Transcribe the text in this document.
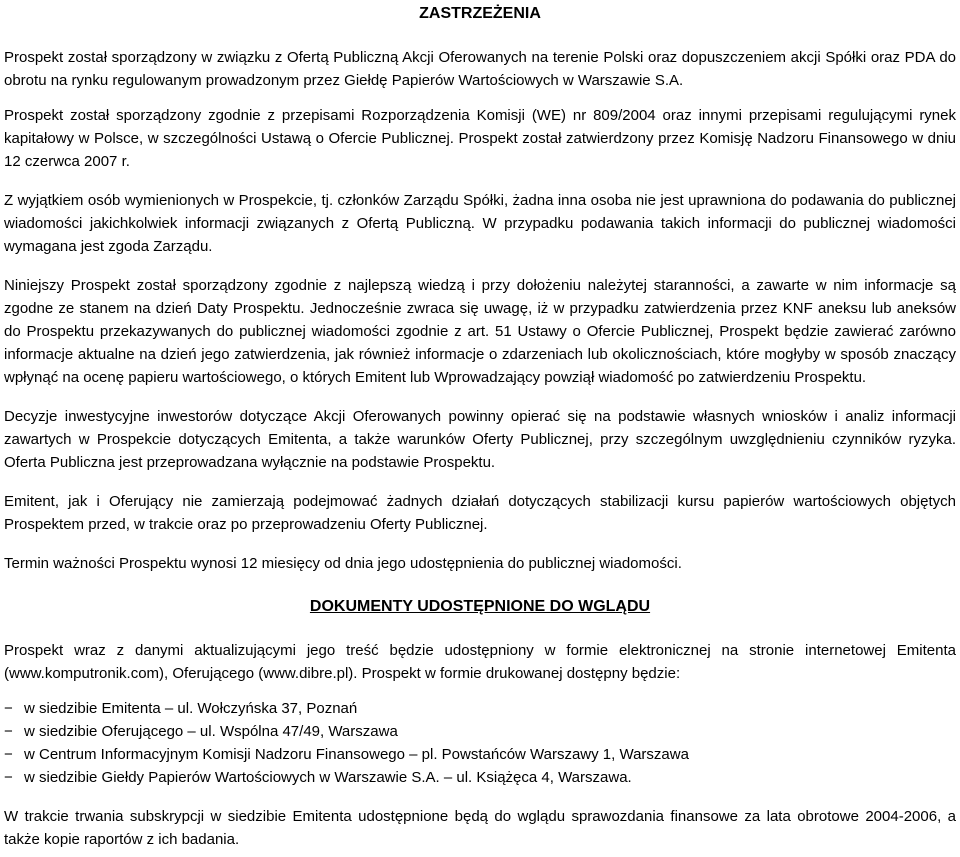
ZASTRZEŻENIA

Prospekt został sporządzony w związku z Ofertą Publiczną Akcji Oferowanych na terenie Polski oraz dopuszczeniem akcji Spółki oraz PDA do obrotu na rynku regulowanym prowadzonym przez Giełdę Papierów Wartościowych w Warszawie S.A.

Prospekt został sporządzony zgodnie z przepisami Rozporządzenia Komisji (WE) nr 809/2004 oraz innymi przepisami regulującymi rynek kapitałowy w Polsce, w szczególności Ustawą o Ofercie Publicznej. Prospekt został zatwierdzony przez Komisję Nadzoru Finansowego w dniu 12 czerwca 2007 r.

Z wyjątkiem osób wymienionych w Prospekcie, tj. członków Zarządu Spółki, żadna inna osoba nie jest uprawniona do podawania do publicznej wiadomości jakichkolwiek informacji związanych z Ofertą Publiczną. W przypadku podawania takich informacji do publicznej wiadomości wymagana jest zgoda Zarządu.

Niniejszy Prospekt został sporządzony zgodnie z najlepszą wiedzą i przy dołożeniu należytej staranności, a zawarte w nim informacje są zgodne ze stanem na dzień Daty Prospektu. Jednocześnie zwraca się uwagę, iż w przypadku zatwierdzenia przez KNF aneksu lub aneksów do Prospektu przekazywanych do publicznej wiadomości zgodnie z art. 51 Ustawy o Ofercie Publicznej, Prospekt będzie zawierać zarówno informacje aktualne na dzień jego zatwierdzenia, jak również informacje o zdarzeniach lub okolicznościach, które mogłyby w sposób znaczący wpłynąć na ocenę papieru wartościowego, o których Emitent lub Wprowadzający powziął wiadomość po zatwierdzeniu Prospektu.

Decyzje inwestycyjne inwestorów dotyczące Akcji Oferowanych powinny opierać się na podstawie własnych wniosków i analiz informacji zawartych w Prospekcie dotyczących Emitenta, a także warunków Oferty Publicznej, przy szczególnym uwzględnieniu czynników ryzyka. Oferta Publiczna jest przeprowadzana wyłącznie na podstawie Prospektu.

Emitent, jak i Oferujący nie zamierzają podejmować żadnych działań dotyczących stabilizacji kursu papierów wartościowych objętych Prospektem przed, w trakcie oraz po przeprowadzeniu Oferty Publicznej.

Termin ważności Prospektu wynosi 12 miesięcy od dnia jego udostępnienia do publicznej wiadomości.

DOKUMENTY UDOSTĘPNIONE DO WGLĄDU

Prospekt wraz z danymi aktualizującymi jego treść będzie udostępniony w formie elektronicznej na stronie internetowej Emitenta (www.komputronik.com), Oferującego (www.dibre.pl). Prospekt w formie drukowanej dostępny będzie:

− w siedzibie Emitenta – ul. Wołczyńska 37, Poznań
− w siedzibie Oferującego – ul. Wspólna 47/49, Warszawa
− w Centrum Informacyjnym Komisji Nadzoru Finansowego – pl. Powstańców Warszawy 1, Warszawa
− w siedzibie Giełdy Papierów Wartościowych w Warszawie S.A. – ul. Książęca 4, Warszawa.

W trakcie trwania subskrypcji w siedzibie Emitenta udostępnione będą do wglądu sprawozdania finansowe za lata obrotowe 2004-2006, a także kopie raportów z ich badania.
